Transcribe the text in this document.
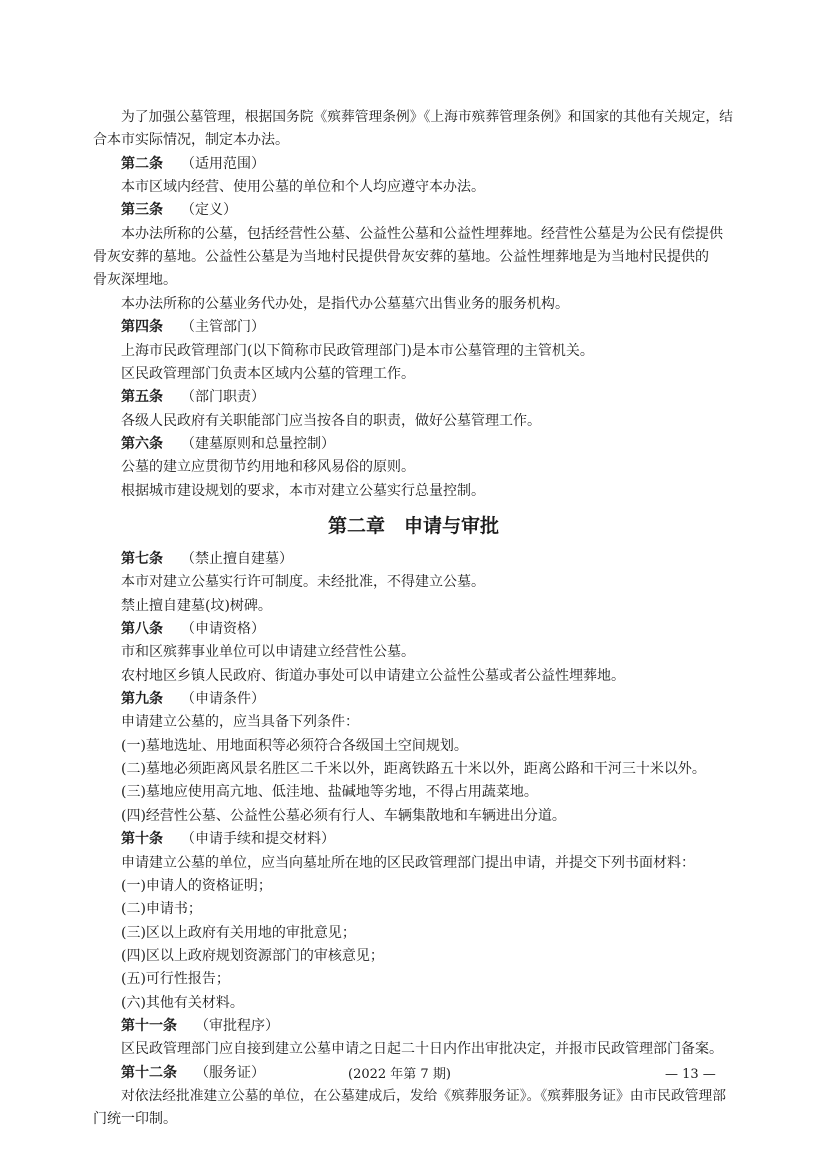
为了加强公墓管理，根据国务院《殡葬管理条例》《上海市殡葬管理条例》和国家的其他有关规定，结
合本市实际情况，制定本办法。
第二条 （适用范围）
本市区域内经营、使用公墓的单位和个人均应遵守本办法。
第三条 （定义）
本办法所称的公墓，包括经营性公墓、公益性公墓和公益性埋葬地。经营性公墓是为公民有偿提供
骨灰安葬的墓地。公益性公墓是为当地村民提供骨灰安葬的墓地。公益性埋葬地是为当地村民提供的
骨灰深埋地。
本办法所称的公墓业务代办处，是指代办公墓墓穴出售业务的服务机构。
第四条 （主管部门）
上海市民政管理部门(以下简称市民政管理部门)是本市公墓管理的主管机关。
区民政管理部门负责本区域内公墓的管理工作。
第五条 （部门职责）
各级人民政府有关职能部门应当按各自的职责，做好公墓管理工作。
第六条 （建墓原则和总量控制）
公墓的建立应贯彻节约用地和移风易俗的原则。
根据城市建设规划的要求，本市对建立公墓实行总量控制。
第二章　申请与审批
第七条 （禁止擅自建墓）
本市对建立公墓实行许可制度。未经批准，不得建立公墓。
禁止擅自建墓(坟)树碑。
第八条 （申请资格）
市和区殡葬事业单位可以申请建立经营性公墓。
农村地区乡镇人民政府、街道办事处可以申请建立公益性公墓或者公益性埋葬地。
第九条 （申请条件）
申请建立公墓的，应当具备下列条件：
(一)墓地选址、用地面积等必须符合各级国土空间规划。
(二)墓地必须距离风景名胜区二千米以外，距离铁路五十米以外，距离公路和干河三十米以外。
(三)墓地应使用高亢地、低洼地、盐碱地等劣地，不得占用蔬菜地。
(四)经营性公墓、公益性公墓必须有行人、车辆集散地和车辆进出分道。
第十条 （申请手续和提交材料）
申请建立公墓的单位，应当向墓址所在地的区民政管理部门提出申请，并提交下列书面材料：
(一)申请人的资格证明；
(二)申请书；
(三)区以上政府有关用地的审批意见；
(四)区以上政府规划资源部门的审核意见；
(五)可行性报告；
(六)其他有关材料。
第十一条 （审批程序）
区民政管理部门应自接到建立公墓申请之日起二十日内作出审批决定，并报市民政管理部门备案。
第十二条 （服务证）
对依法经批准建立公墓的单位，在公墓建成后，发给《殡葬服务证》。《殡葬服务证》由市民政管理部
门统一印制。
(2022 年第 7 期)	— 13 —
